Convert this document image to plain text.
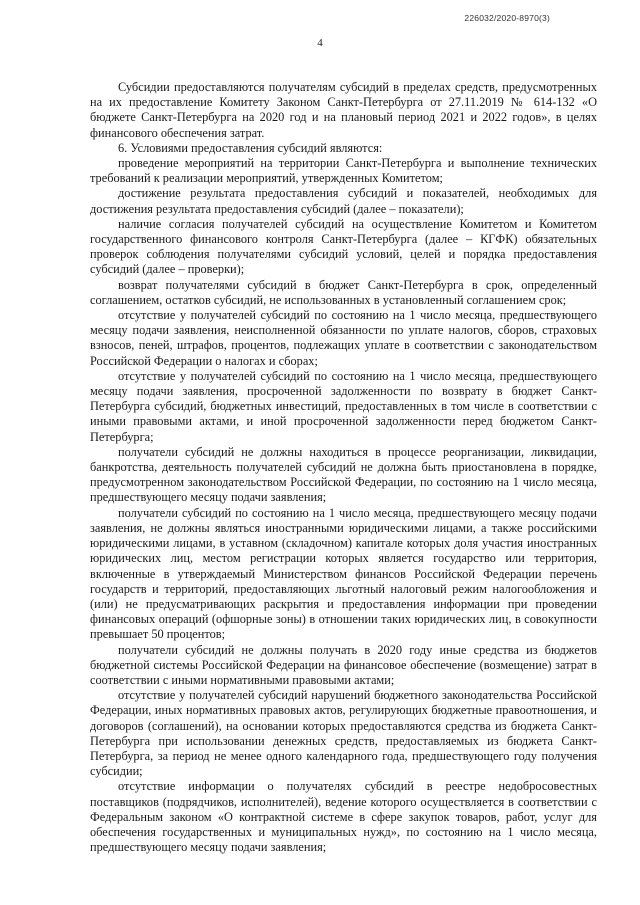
226032/2020-8970(3)
4

Субсидии предоставляются получателям субсидий в пределах средств, предусмотренных на их предоставление Комитету Законом Санкт-Петербурга от 27.11.2019 № 614-132 «О бюджете Санкт-Петербурга на 2020 год и на плановый период 2021 и 2022 годов», в целях финансового обеспечения затрат.

6. Условиями предоставления субсидий являются:

проведение мероприятий на территории Санкт-Петербурга и выполнение технических требований к реализации мероприятий, утвержденных Комитетом;

достижение результата предоставления субсидий и показателей, необходимых для достижения результата предоставления субсидий (далее – показатели);

наличие согласия получателей субсидий на осуществление Комитетом и Комитетом государственного финансового контроля Санкт-Петербурга (далее – КГФК) обязательных проверок соблюдения получателями субсидий условий, целей и порядка предоставления субсидий (далее – проверки);

возврат получателями субсидий в бюджет Санкт-Петербурга в срок, определенный соглашением, остатков субсидий, не использованных в установленный соглашением срок;

отсутствие у получателей субсидий по состоянию на 1 число месяца, предшествующего месяцу подачи заявления, неисполненной обязанности по уплате налогов, сборов, страховых взносов, пеней, штрафов, процентов, подлежащих уплате в соответствии с законодательством Российской Федерации о налогах и сборах;

отсутствие у получателей субсидий по состоянию на 1 число месяца, предшествующего месяцу подачи заявления, просроченной задолженности по возврату в бюджет Санкт-Петербурга субсидий, бюджетных инвестиций, предоставленных в том числе в соответствии с иными правовыми актами, и иной просроченной задолженности перед бюджетом Санкт-Петербурга;

получатели субсидий не должны находиться в процессе реорганизации, ликвидации, банкротства, деятельность получателей субсидий не должна быть приостановлена в порядке, предусмотренном законодательством Российской Федерации, по состоянию на 1 число месяца, предшествующего месяцу подачи заявления;

получатели субсидий по состоянию на 1 число месяца, предшествующего месяцу подачи заявления, не должны являться иностранными юридическими лицами, а также российскими юридическими лицами, в уставном (складочном) капитале которых доля участия иностранных юридических лиц, местом регистрации которых является государство или территория, включенные в утверждаемый Министерством финансов Российской Федерации перечень государств и территорий, предоставляющих льготный налоговый режим налогообложения и (или) не предусматривающих раскрытия и предоставления информации при проведении финансовых операций (офшорные зоны) в отношении таких юридических лиц, в совокупности превышает 50 процентов;

получатели субсидий не должны получать в 2020 году иные средства из бюджетов бюджетной системы Российской Федерации на финансовое обеспечение (возмещение) затрат в соответствии с иными нормативными правовыми актами;

отсутствие у получателей субсидий нарушений бюджетного законодательства Российской Федерации, иных нормативных правовых актов, регулирующих бюджетные правоотношения, и договоров (соглашений), на основании которых предоставляются средства из бюджета Санкт-Петербурга при использовании денежных средств, предоставляемых из бюджета Санкт-Петербурга, за период не менее одного календарного года, предшествующего году получения субсидии;

отсутствие информации о получателях субсидий в реестре недобросовестных поставщиков (подрядчиков, исполнителей), ведение которого осуществляется в соответствии с Федеральным законом «О контрактной системе в сфере закупок товаров, работ, услуг для обеспечения государственных и муниципальных нужд», по состоянию на 1 число месяца, предшествующего месяцу подачи заявления;
